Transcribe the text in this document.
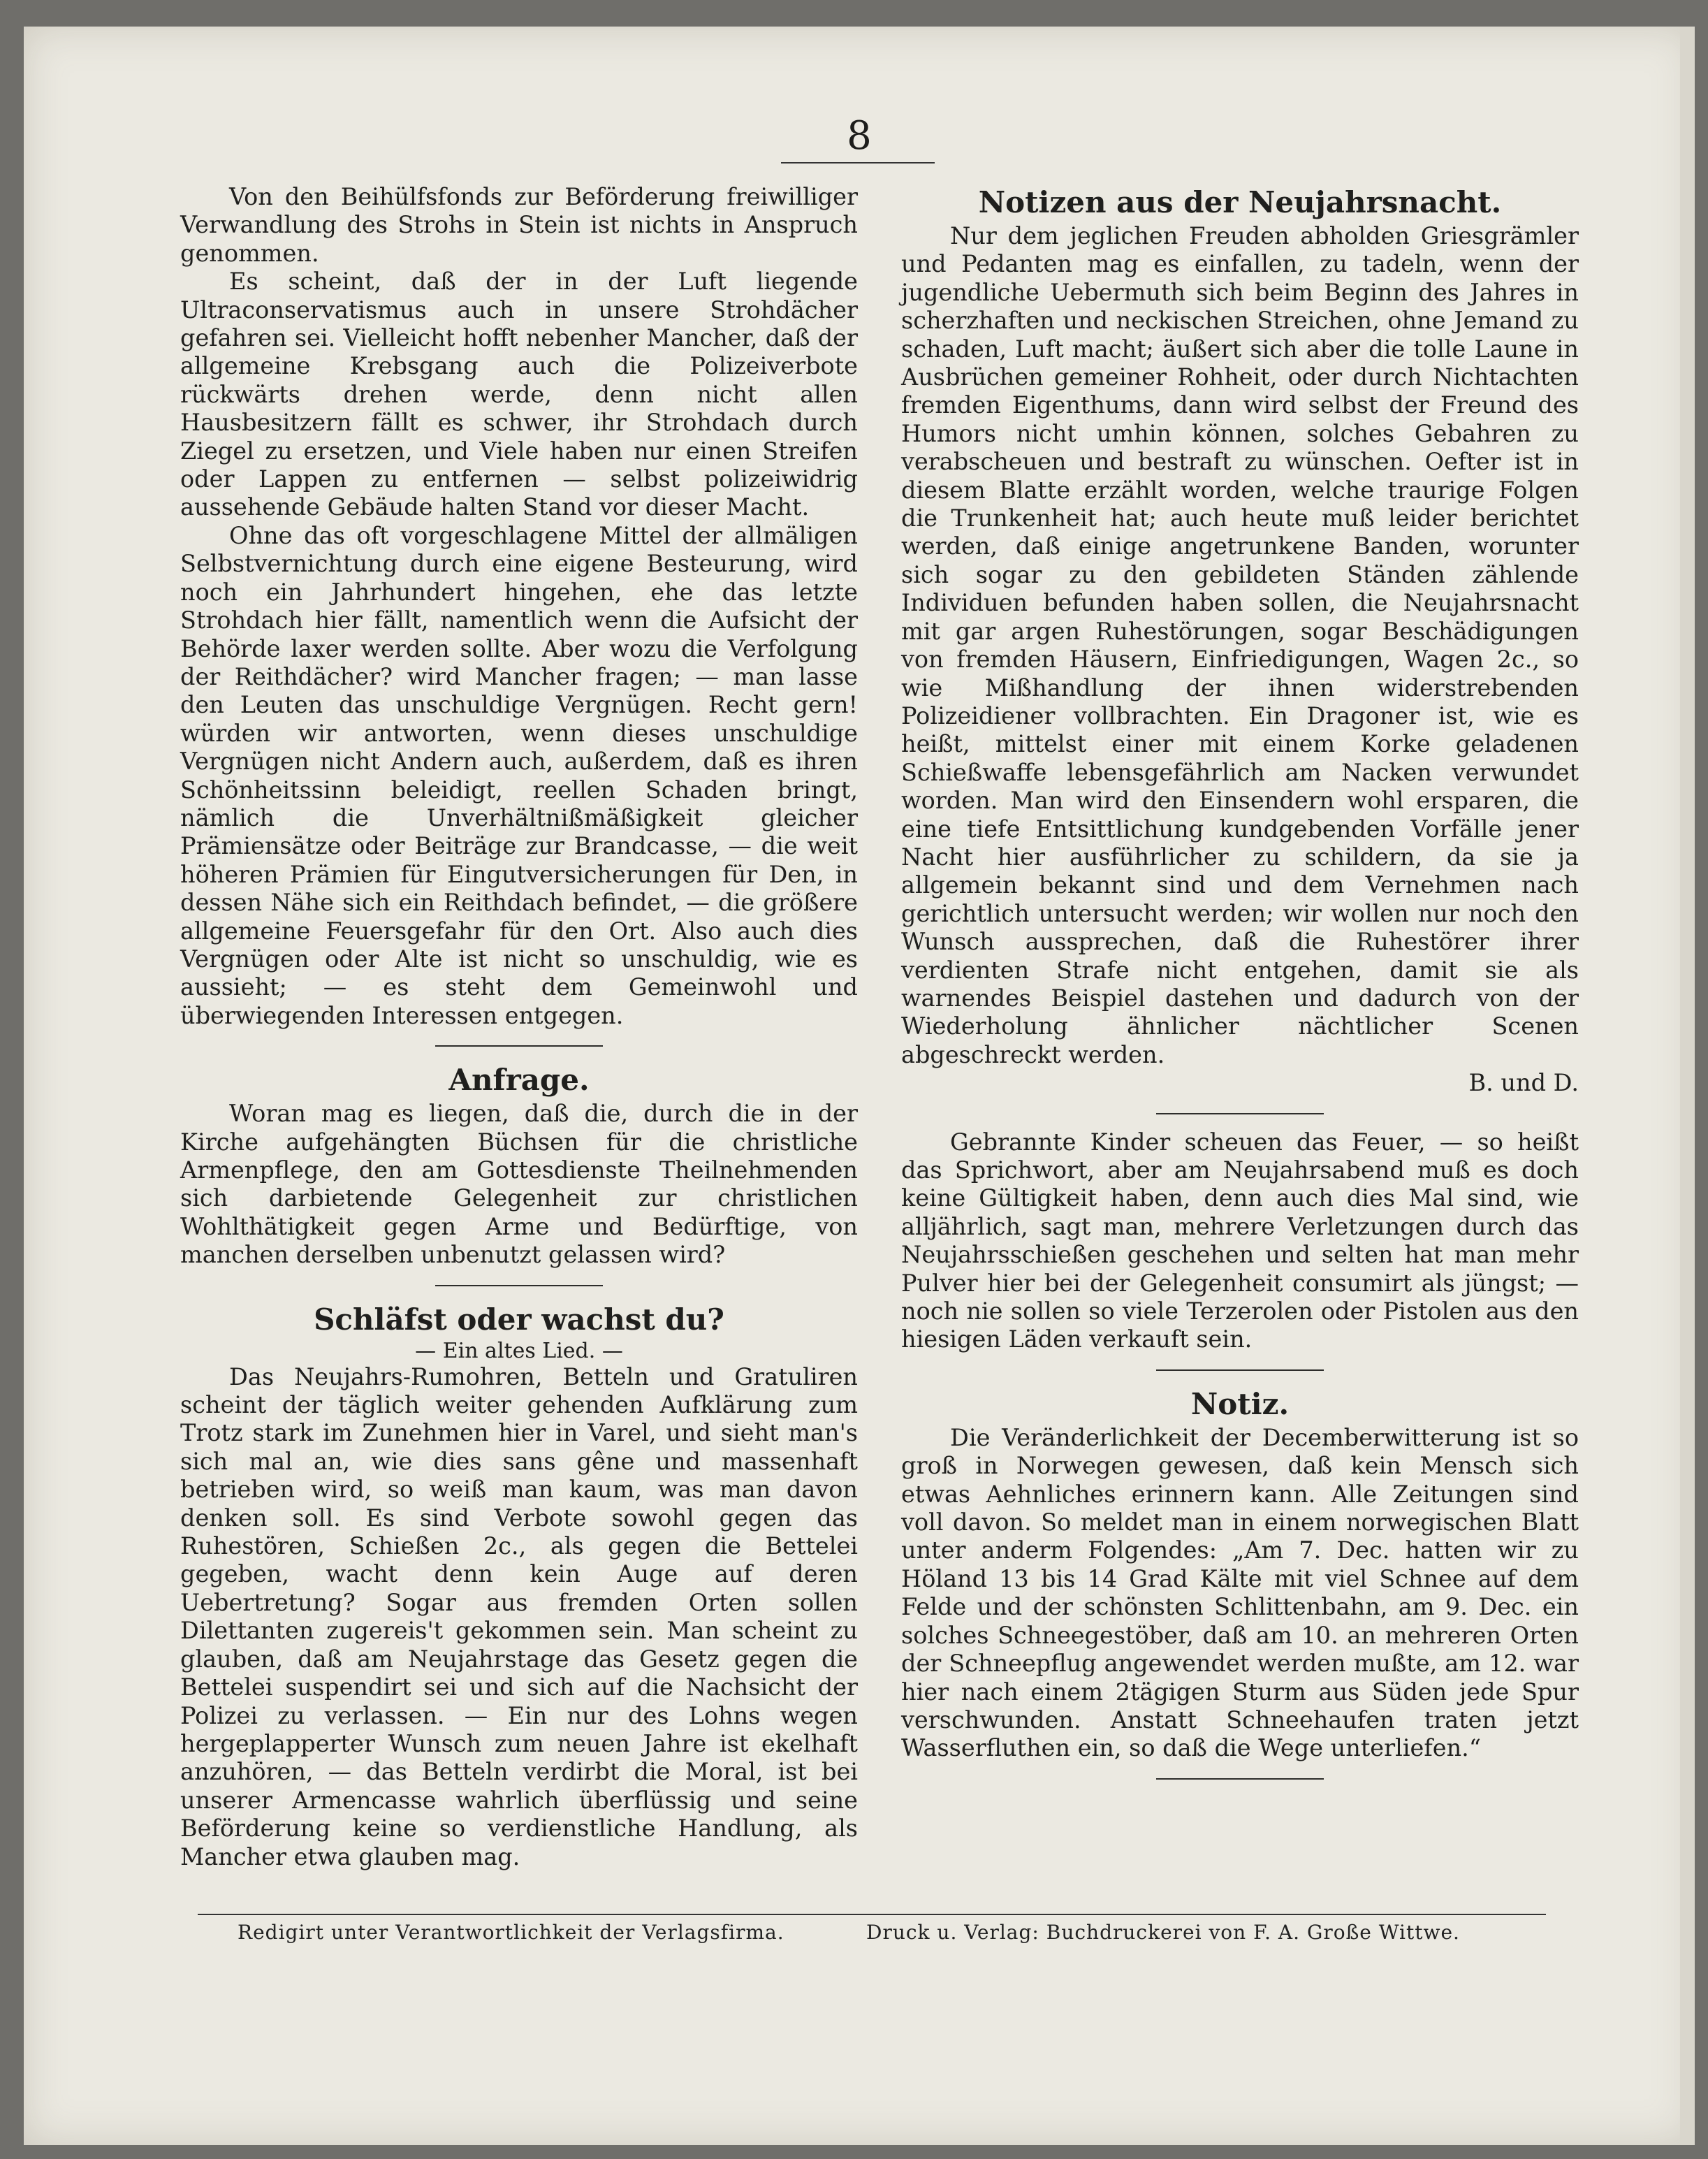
8

Von den Beihülfsfonds zur Beförderung freiwilliger Verwandlung des Strohs in Stein ist nichts in Anspruch genommen.

Es scheint, daß der in der Luft liegende Ultraconservatismus auch in unsere Strohdächer gefahren sei. Vielleicht hofft nebenher Mancher, daß der allgemeine Krebsgang auch die Polizeiverbote rückwärts drehen werde, denn nicht allen Hausbesitzern fällt es schwer, ihr Strohdach durch Ziegel zu ersetzen, und Viele haben nur einen Streifen oder Lappen zu entfernen — selbst polizeiwidrig aussehende Gebäude halten Stand vor dieser Macht.

Ohne das oft vorgeschlagene Mittel der allmäligen Selbstvernichtung durch eine eigene Besteurung, wird noch ein Jahrhundert hingehen, ehe das letzte Strohdach hier fällt, namentlich wenn die Aufsicht der Behörde laxer werden sollte. Aber wozu die Verfolgung der Reithdächer? wird Mancher fragen; — man lasse den Leuten das unschuldige Vergnügen. Recht gern! würden wir antworten, wenn dieses unschuldige Vergnügen nicht Andern auch, außerdem, daß es ihren Schönheitssinn beleidigt, reellen Schaden bringt, nämlich die Unverhältnißmäßigkeit gleicher Prämiensätze oder Beiträge zur Brandcasse, — die weit höheren Prämien für Eingutversicherungen für Den, in dessen Nähe sich ein Reithdach befindet, — die größere allgemeine Feuersgefahr für den Ort. Also auch dies Vergnügen oder Alte ist nicht so unschuldig, wie es aussieht; — es steht dem Gemeinwohl und überwiegenden Interessen entgegen.

Anfrage.

Woran mag es liegen, daß die, durch die in der Kirche aufgehängten Büchsen für die christliche Armenpflege, den am Gottesdienste Theilnehmenden sich darbietende Gelegenheit zur christlichen Wohlthätigkeit gegen Arme und Bedürftige, von manchen derselben unbenutzt gelassen wird?

Schläfst oder wachst du?
— Ein altes Lied. —

Das Neujahrs-Rumohren, Betteln und Gratuliren scheint der täglich weiter gehenden Aufklärung zum Trotz stark im Zunehmen hier in Varel, und sieht man's sich mal an, wie dies sans gêne und massenhaft betrieben wird, so weiß man kaum, was man davon denken soll. Es sind Verbote sowohl gegen das Ruhestören, Schießen 2c., als gegen die Bettelei gegeben, wacht denn kein Auge auf deren Uebertretung? Sogar aus fremden Orten sollen Dilettanten zugereis't gekommen sein. Man scheint zu glauben, daß am Neujahrstage das Gesetz gegen die Bettelei suspendirt sei und sich auf die Nachsicht der Polizei zu verlassen. — Ein nur des Lohns wegen hergeplapperter Wunsch zum neuen Jahre ist ekelhaft anzuhören, — das Betteln verdirbt die Moral, ist bei unserer Armencasse wahrlich überflüssig und seine Beförderung keine so verdienstliche Handlung, als Mancher etwa glauben mag.

Notizen aus der Neujahrsnacht.

Nur dem jeglichen Freuden abholden Griesgrämler und Pedanten mag es einfallen, zu tadeln, wenn der jugendliche Uebermuth sich beim Beginn des Jahres in scherzhaften und neckischen Streichen, ohne Jemand zu schaden, Luft macht; äußert sich aber die tolle Laune in Ausbrüchen gemeiner Rohheit, oder durch Nichtachten fremden Eigenthums, dann wird selbst der Freund des Humors nicht umhin können, solches Gebahren zu verabscheuen und bestraft zu wünschen. Oefter ist in diesem Blatte erzählt worden, welche traurige Folgen die Trunkenheit hat; auch heute muß leider berichtet werden, daß einige angetrunkene Banden, worunter sich sogar zu den gebildeten Ständen zählende Individuen befunden haben sollen, die Neujahrsnacht mit gar argen Ruhestörungen, sogar Beschädigungen von fremden Häusern, Einfriedigungen, Wagen 2c., so wie Mißhandlung der ihnen widerstrebenden Polizeidiener vollbrachten. Ein Dragoner ist, wie es heißt, mittelst einer mit einem Korke geladenen Schießwaffe lebensgefährlich am Nacken verwundet worden. Man wird den Einsendern wohl ersparen, die eine tiefe Entsittlichung kundgebenden Vorfälle jener Nacht hier ausführlicher zu schildern, da sie ja allgemein bekannt sind und dem Vernehmen nach gerichtlich untersucht werden; wir wollen nur noch den Wunsch aussprechen, daß die Ruhestörer ihrer verdienten Strafe nicht entgehen, damit sie als warnendes Beispiel dastehen und dadurch von der Wiederholung ähnlicher nächtlicher Scenen abgeschreckt werden.

B. und D.

Gebrannte Kinder scheuen das Feuer, — so heißt das Sprichwort, aber am Neujahrsabend muß es doch keine Gültigkeit haben, denn auch dies Mal sind, wie alljährlich, sagt man, mehrere Verletzungen durch das Neujahrsschießen geschehen und selten hat man mehr Pulver hier bei der Gelegenheit consumirt als jüngst; — noch nie sollen so viele Terzerolen oder Pistolen aus den hiesigen Läden verkauft sein.

Notiz.

Die Veränderlichkeit der Decemberwitterung ist so groß in Norwegen gewesen, daß kein Mensch sich etwas Aehnliches erinnern kann. Alle Zeitungen sind voll davon. So meldet man in einem norwegischen Blatt unter anderm Folgendes: „Am 7. Dec. hatten wir zu Höland 13 bis 14 Grad Kälte mit viel Schnee auf dem Felde und der schönsten Schlittenbahn, am 9. Dec. ein solches Schneegestöber, daß am 10. an mehreren Orten der Schneepflug angewendet werden mußte, am 12. war hier nach einem 2tägigen Sturm aus Süden jede Spur verschwunden. Anstatt Schneehaufen traten jetzt Wasserfluthen ein, so daß die Wege unterliefen.“

Redigirt unter Verantwortlichkeit der Verlagsfirma.	Druck u. Verlag: Buchdruckerei von F. A. Große Wittwe.
